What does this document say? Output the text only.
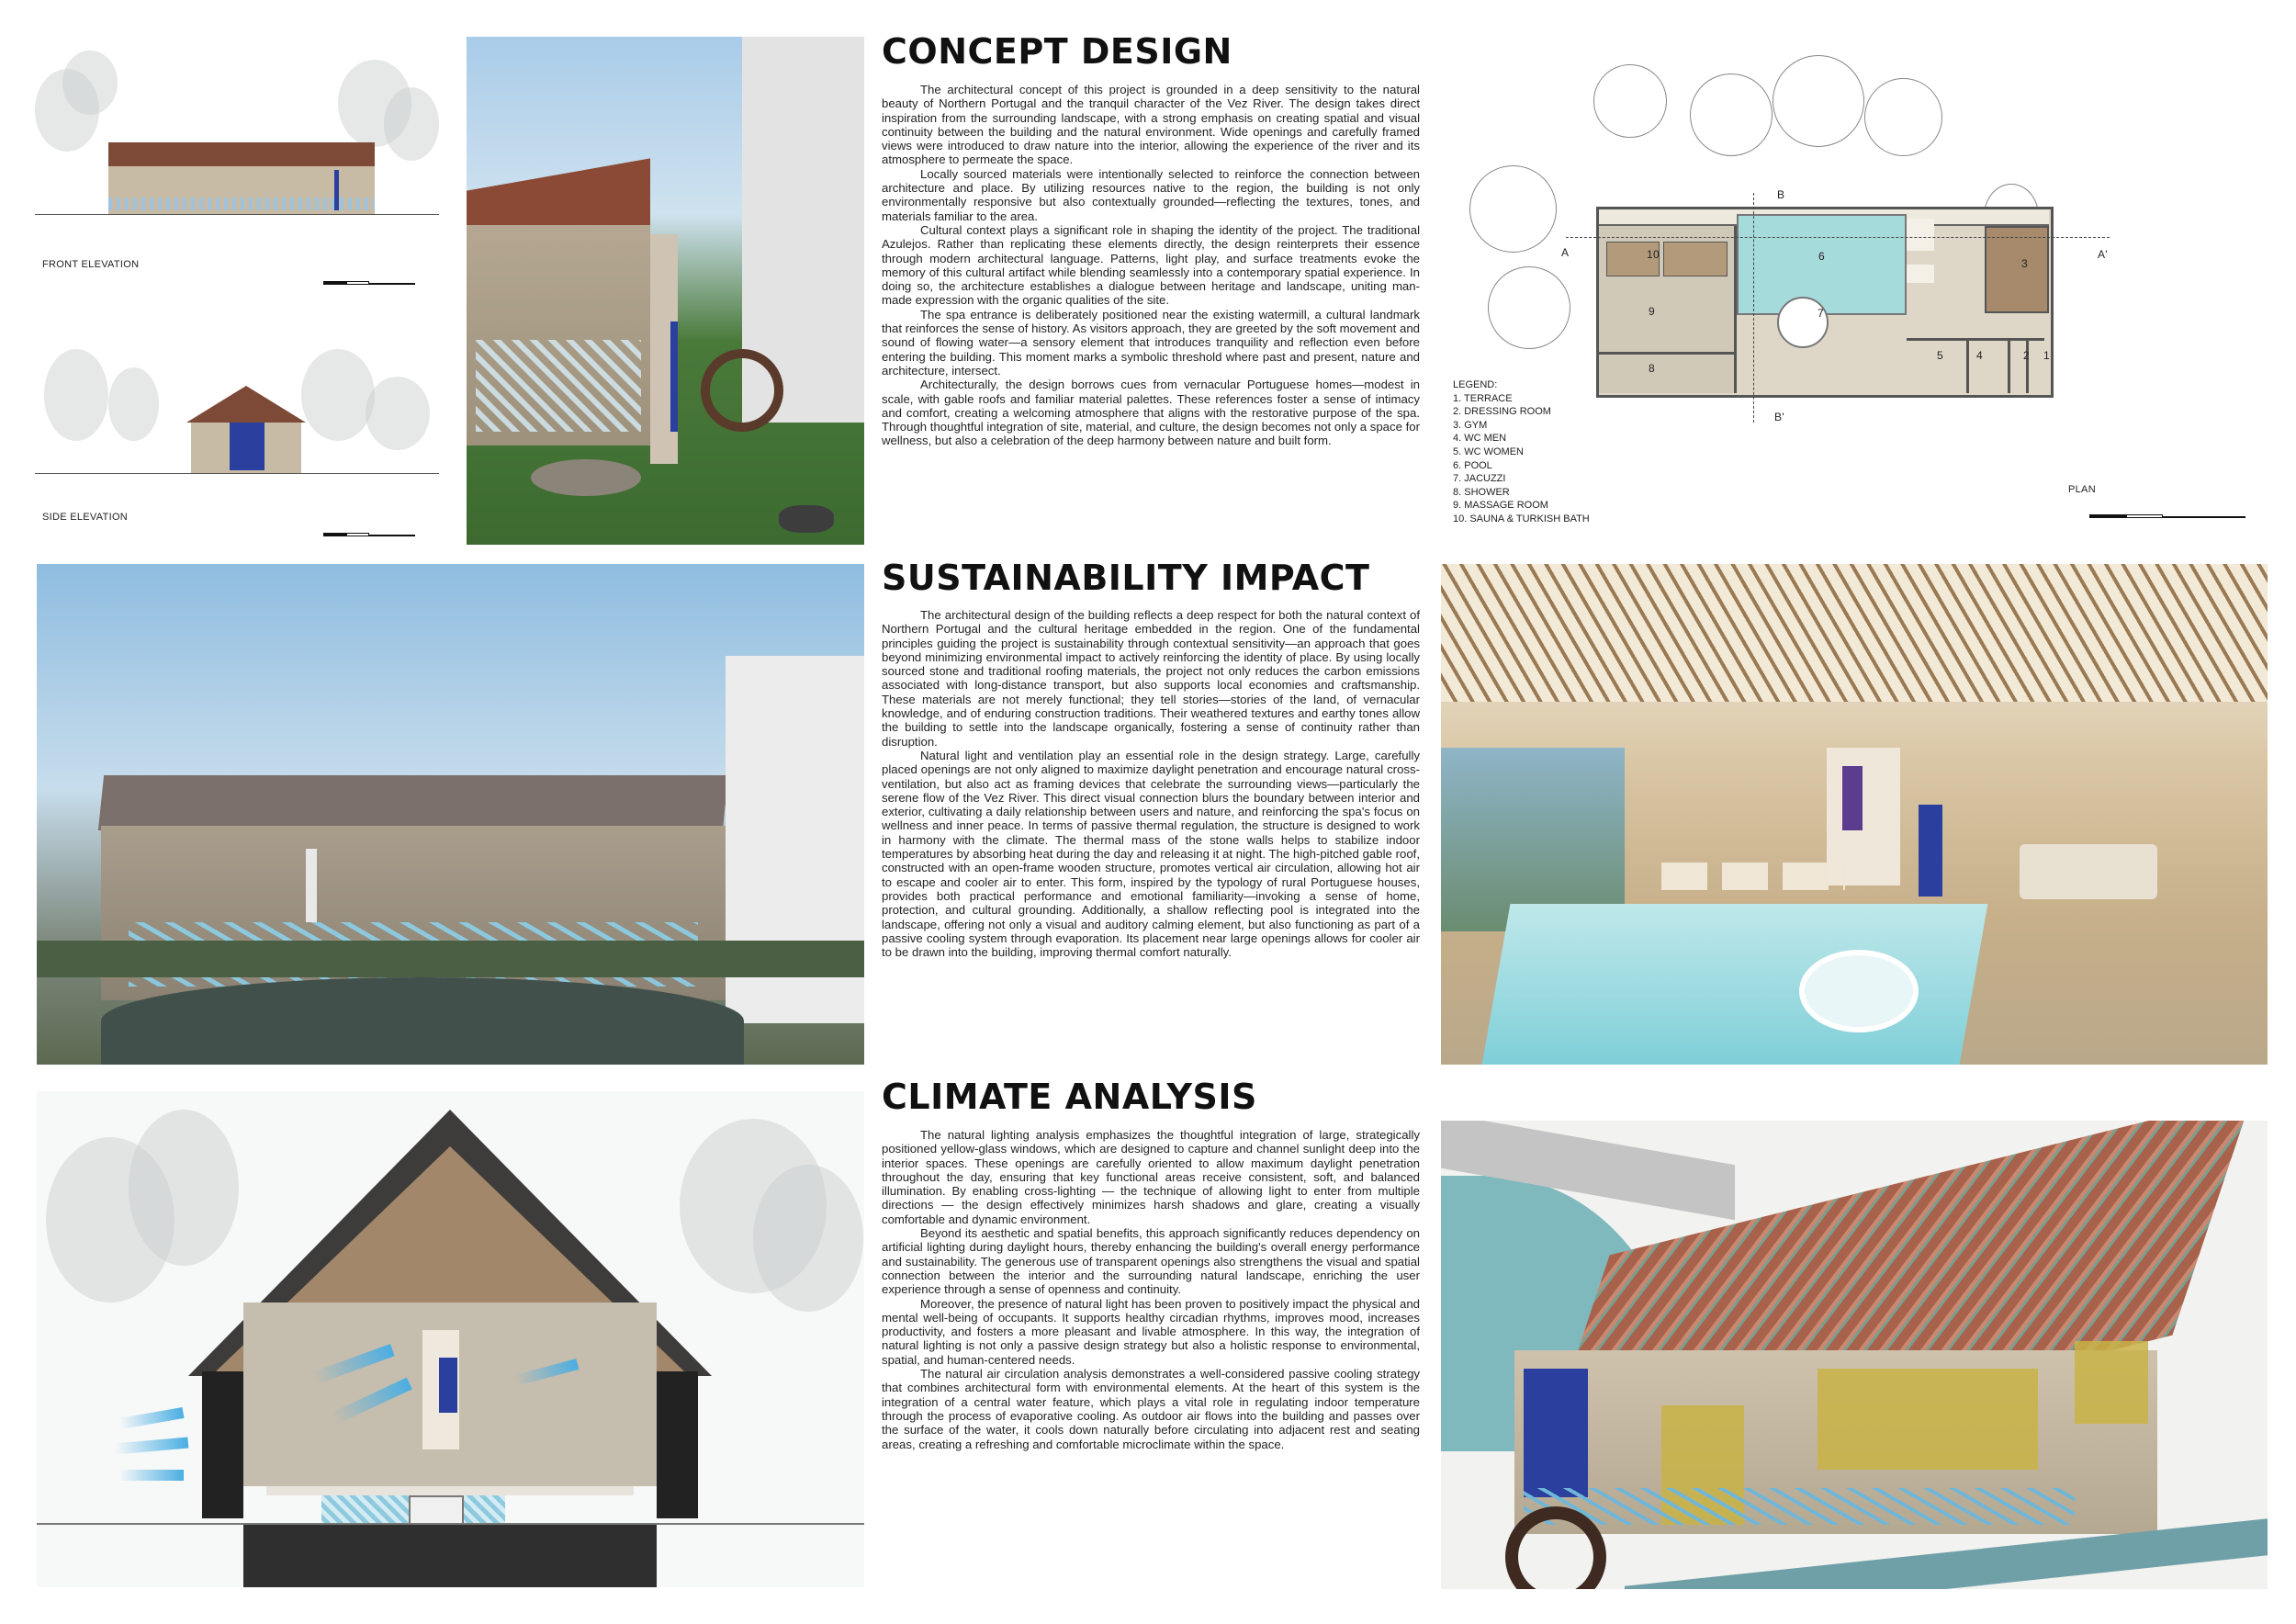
FRONT ELEVATION
SIDE ELEVATION
CONCEPT DESIGN

The architectural concept of this project is grounded in a deep sensitivity to the natural beauty of Northern Portugal and the tranquil character of the Vez River. The design takes direct inspiration from the surrounding landscape, with a strong emphasis on creating spatial and visual continuity between the building and the natural environment. Wide openings and carefully framed views were introduced to draw nature into the interior, allowing the experience of the river and its atmosphere to permeate the space.

Locally sourced materials were intentionally selected to reinforce the connection between architecture and place. By utilizing resources native to the region, the building is not only environmentally responsive but also contextually grounded—reflecting the textures, tones, and materials familiar to the area.

Cultural context plays a significant role in shaping the identity of the project. The traditional Azulejos. Rather than replicating these elements directly, the design reinterprets their essence through modern architectural language. Patterns, light play, and surface treatments evoke the memory of this cultural artifact while blending seamlessly into a contemporary spatial experience. In doing so, the architecture establishes a dialogue between heritage and landscape, uniting man-made expression with the organic qualities of the site.

The spa entrance is deliberately positioned near the existing watermill, a cultural landmark that reinforces the sense of history. As visitors approach, they are greeted by the soft movement and sound of flowing water—a sensory element that introduces tranquility and reflection even before entering the building. This moment marks a symbolic threshold where past and present, nature and architecture, intersect.

Architecturally, the design borrows cues from vernacular Portuguese homes—modest in scale, with gable roofs and familiar material palettes. These references foster a sense of intimacy and comfort, creating a welcoming atmosphere that aligns with the restorative purpose of the spa. Through thoughtful integration of site, material, and culture, the design becomes not only a space for wellness, but also a celebration of the deep harmony between nature and built form.

10
9
8
6
7
3
5	4	2 1
A	A'
B
B'
LEGEND:
1. TERRACE
2. DRESSING ROOM
3. GYM
4. WC MEN
5. WC WOMEN
6. POOL
7. JACUZZI
8. SHOWER
9. MASSAGE ROOM
10. SAUNA & TURKISH BATH
PLAN
SUSTAINABILITY IMPACT

The architectural design of the building reflects a deep respect for both the natural context of Northern Portugal and the cultural heritage embedded in the region. One of the fundamental principles guiding the project is sustainability through contextual sensitivity—an approach that goes beyond minimizing environmental impact to actively reinforcing the identity of place. By using locally sourced stone and traditional roofing materials, the project not only reduces the carbon emissions associated with long-distance transport, but also supports local economies and craftsmanship. These materials are not merely functional; they tell stories—stories of the land, of vernacular knowledge, and of enduring construction traditions. Their weathered textures and earthy tones allow the building to settle into the landscape organically, fostering a sense of continuity rather than disruption.

Natural light and ventilation play an essential role in the design strategy. Large, carefully placed openings are not only aligned to maximize daylight penetration and encourage natural cross-ventilation, but also act as framing devices that celebrate the surrounding views—particularly the serene flow of the Vez River. This direct visual connection blurs the boundary between interior and exterior, cultivating a daily relationship between users and nature, and reinforcing the spa's focus on wellness and inner peace. In terms of passive thermal regulation, the structure is designed to work in harmony with the climate. The thermal mass of the stone walls helps to stabilize indoor temperatures by absorbing heat during the day and releasing it at night. The high-pitched gable roof, constructed with an open-frame wooden structure, promotes vertical air circulation, allowing hot air to escape and cooler air to enter. This form, inspired by the typology of rural Portuguese houses, provides both practical performance and emotional familiarity—invoking a sense of home, protection, and cultural grounding. Additionally, a shallow reflecting pool is integrated into the landscape, offering not only a visual and auditory calming element, but also functioning as part of a passive cooling system through evaporation. Its placement near large openings allows for cooler air to be drawn into the building, improving thermal comfort naturally.

CLIMATE ANALYSIS

The natural lighting analysis emphasizes the thoughtful integration of large, strategically positioned yellow-glass windows, which are designed to capture and channel sunlight deep into the interior spaces. These openings are carefully oriented to allow maximum daylight penetration throughout the day, ensuring that key functional areas receive consistent, soft, and balanced illumination. By enabling cross-lighting — the technique of allowing light to enter from multiple directions — the design effectively minimizes harsh shadows and glare, creating a visually comfortable and dynamic environment.

Beyond its aesthetic and spatial benefits, this approach significantly reduces dependency on artificial lighting during daylight hours, thereby enhancing the building's overall energy performance and sustainability. The generous use of transparent openings also strengthens the visual and spatial connection between the interior and the surrounding natural landscape, enriching the user experience through a sense of openness and continuity.

Moreover, the presence of natural light has been proven to positively impact the physical and mental well-being of occupants. It supports healthy circadian rhythms, improves mood, increases productivity, and fosters a more pleasant and livable atmosphere. In this way, the integration of natural lighting is not only a passive design strategy but also a holistic response to environmental, spatial, and human-centered needs.

The natural air circulation analysis demonstrates a well-considered passive cooling strategy that combines architectural form with environmental elements. At the heart of this system is the integration of a central water feature, which plays a vital role in regulating indoor temperature through the process of evaporative cooling. As outdoor air flows into the building and passes over the surface of the water, it cools down naturally before circulating into adjacent rest and seating areas, creating a refreshing and comfortable microclimate within the space.
